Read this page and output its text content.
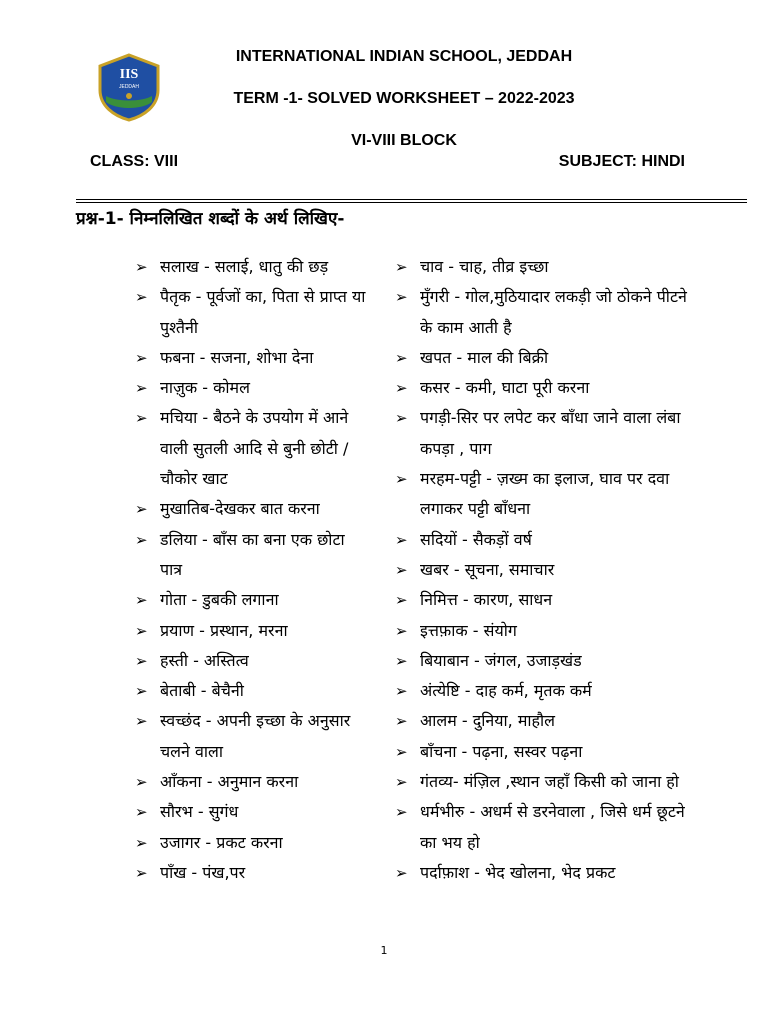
IIS
JEDDAH
INTERNATIONAL INDIAN SCHOOL, JEDDAH
TERM -1- SOLVED WORKSHEET – 2022-2023
VI-VIII BLOCK
CLASS: VIII	SUBJECT: HINDI
प्रश्न-1- निम्नलिखित शब्दों के अर्थ लिखिए-
➢ सलाख - सलाई, धातु की छड़
➢ पैतृक - पूर्वजों का, पिता से प्राप्त या पुश्तैनी
➢ फबना - सजना, शोभा देना
➢ नाज़ुक - कोमल
➢ मचिया - बैठने के उपयोग में आने वाली सुतली आदि से बुनी छोटी /चौकोर खाट
➢ मुखातिब-देखकर बात करना
➢ डलिया - बाँस का बना एक छोटा पात्र
➢ गोता - डुबकी लगाना
➢ प्रयाण - प्रस्थान, मरना
➢ हस्ती - अस्तित्व
➢ बेताबी - बेचैनी
➢ स्वच्छंद - अपनी इच्छा के अनुसार चलने वाला
➢ आँकना - अनुमान करना
➢ सौरभ - सुगंध
➢ उजागर - प्रकट करना
➢ पाँख - पंख,पर
➢ चाव - चाह, तीव्र इच्छा
➢ मुँगरी - गोल,मुठियादार लकड़ी जो ठोकने पीटने के काम आती है
➢ खपत - माल की बिक्री
➢ कसर - कमी, घाटा पूरी करना
➢ पगड़ी-सिर पर लपेट कर बाँधा जाने वाला लंबा कपड़ा , पाग
➢ मरहम-पट्टी - ज़ख्म का इलाज, घाव पर दवा लगाकर पट्टी बाँधना
➢ सदियों - सैकड़ों वर्ष
➢ खबर - सूचना, समाचार
➢ निमित्त - कारण, साधन
➢ इत्तफ़ाक - संयोग
➢ बियाबान - जंगल, उजाड़खंड
➢ अंत्येष्टि - दाह कर्म, मृतक कर्म
➢ आलम - दुनिया, माहौल
➢ बाँचना - पढ़ना, सस्वर पढ़ना
➢ गंतव्य- मंज़िल ,स्थान जहाँ किसी को जाना हो
➢ धर्मभीरु - अधर्म से डरनेवाला , जिसे धर्म छूटने का भय हो
➢ पर्दाफ़ाश - भेद खोलना, भेद प्रकट
1
